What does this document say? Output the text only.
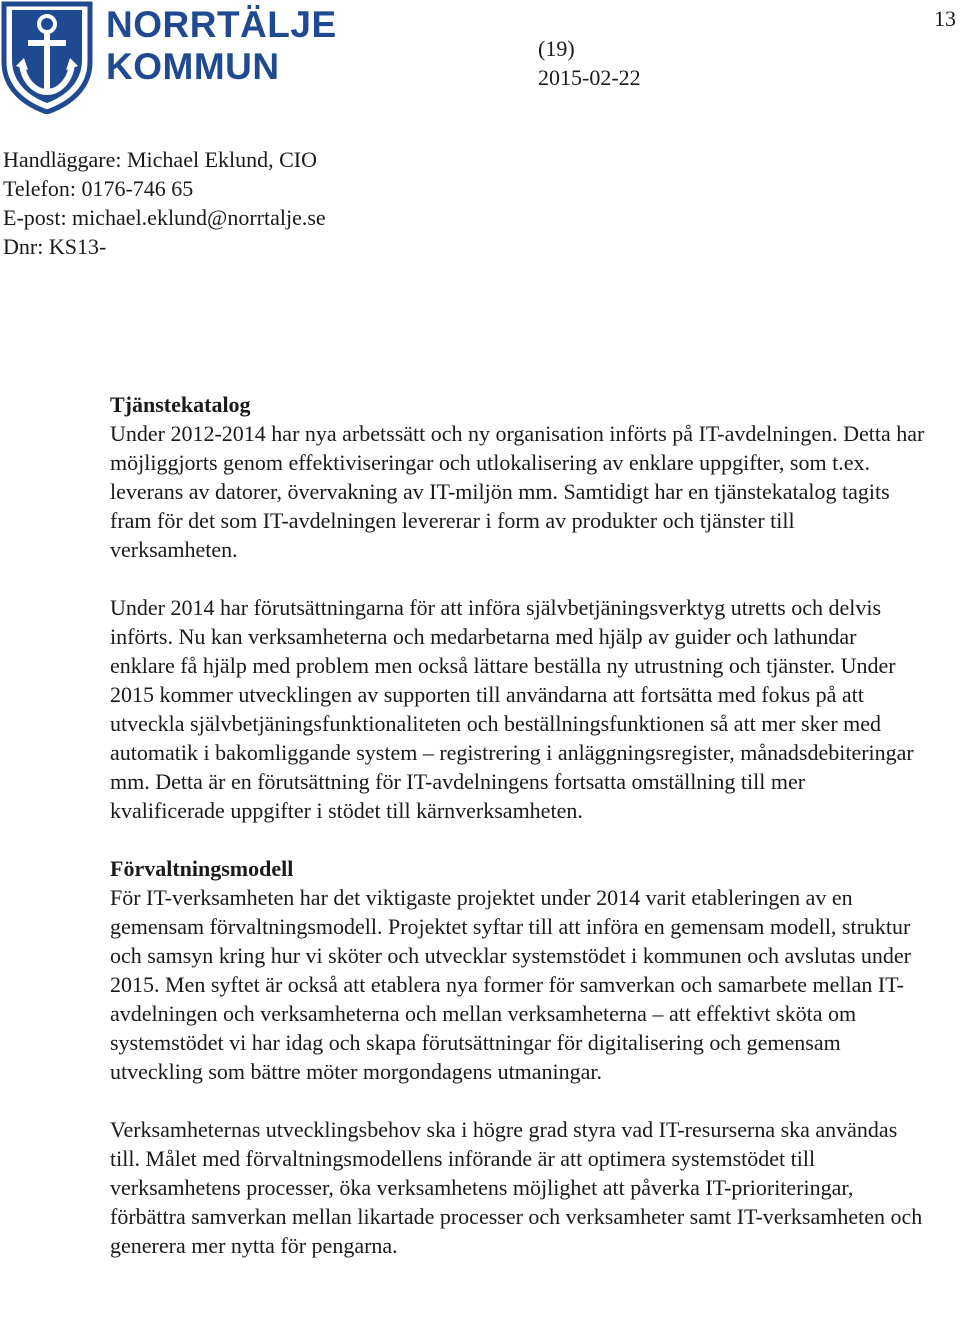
13
NORRTÄLJE
KOMMUN	(19)
2015-02-22
Handläggare: Michael Eklund, CIO
Telefon: 0176-746 65
E-post: michael.eklund@norrtalje.se
Dnr: KS13-
Tjänstekatalog

Under 2012-2014 har nya arbetssätt och ny organisation införts på IT-avdelningen. Detta har möjliggjorts genom effektiviseringar och utlokalisering av enklare uppgifter, som t.ex. leverans av datorer, övervakning av IT-miljön mm. Samtidigt har en tjänstekatalog tagits fram för det som IT-avdelningen levererar i form av produkter och tjänster till verksamheten.

Under 2014 har förutsättningarna för att införa självbetjäningsverktyg utretts och delvis införts. Nu kan verksamheterna och medarbetarna med hjälp av guider och lathundar enklare få hjälp med problem men också lättare beställa ny utrustning och tjänster. Under 2015 kommer utvecklingen av supporten till användarna att fortsätta med fokus på att utveckla självbetjäningsfunktionaliteten och beställningsfunktionen så att mer sker med automatik i bakomliggande system – registrering i anläggningsregister, månadsdebiteringar mm. Detta är en förutsättning för IT-avdelningens fortsatta omställning till mer kvalificerade uppgifter i stödet till kärnverksamheten.

Förvaltningsmodell

För IT-verksamheten har det viktigaste projektet under 2014 varit etableringen av en gemensam förvaltningsmodell. Projektet syftar till att införa en gemensam modell, struktur och samsyn kring hur vi sköter och utvecklar systemstödet i kommunen och avslutas under 2015. Men syftet är också att etablera nya former för samverkan och samarbete mellan IT-avdelningen och verksamheterna och mellan verksamheterna – att effektivt sköta om systemstödet vi har idag och skapa förutsättningar för digitalisering och gemensam utveckling som bättre möter morgondagens utmaningar.

Verksamheternas utvecklingsbehov ska i högre grad styra vad IT-resurserna ska användas till. Målet med förvaltningsmodellens införande är att optimera systemstödet till verksamhetens processer, öka verksamhetens möjlighet att påverka IT-prioriteringar, förbättra samverkan mellan likartade processer och verksamheter samt IT-verksamheten och generera mer nytta för pengarna.
